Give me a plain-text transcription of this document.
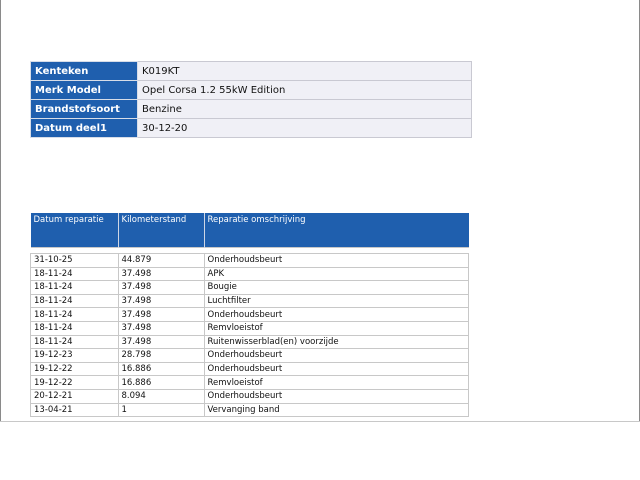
Kenteken	K019KT
Merk Model	Opel Corsa 1.2 55kW Edition
Brandstofsoort	Benzine
Datum deel1	30-12-20
Datum reparatie	Kilometerstand	Reparatie omschrijving

31-10-25	44.879	Onderhoudsbeurt
18-11-24	37.498	APK
18-11-24	37.498	Bougie
18-11-24	37.498	Luchtfilter
18-11-24	37.498	Onderhoudsbeurt
18-11-24	37.498	Remvloeistof
18-11-24	37.498	Ruitenwisserblad(en) voorzijde
19-12-23	28.798	Onderhoudsbeurt
19-12-22	16.886	Onderhoudsbeurt
19-12-22	16.886	Remvloeistof
20-12-21	8.094	Onderhoudsbeurt
13-04-21	1	Vervanging band
